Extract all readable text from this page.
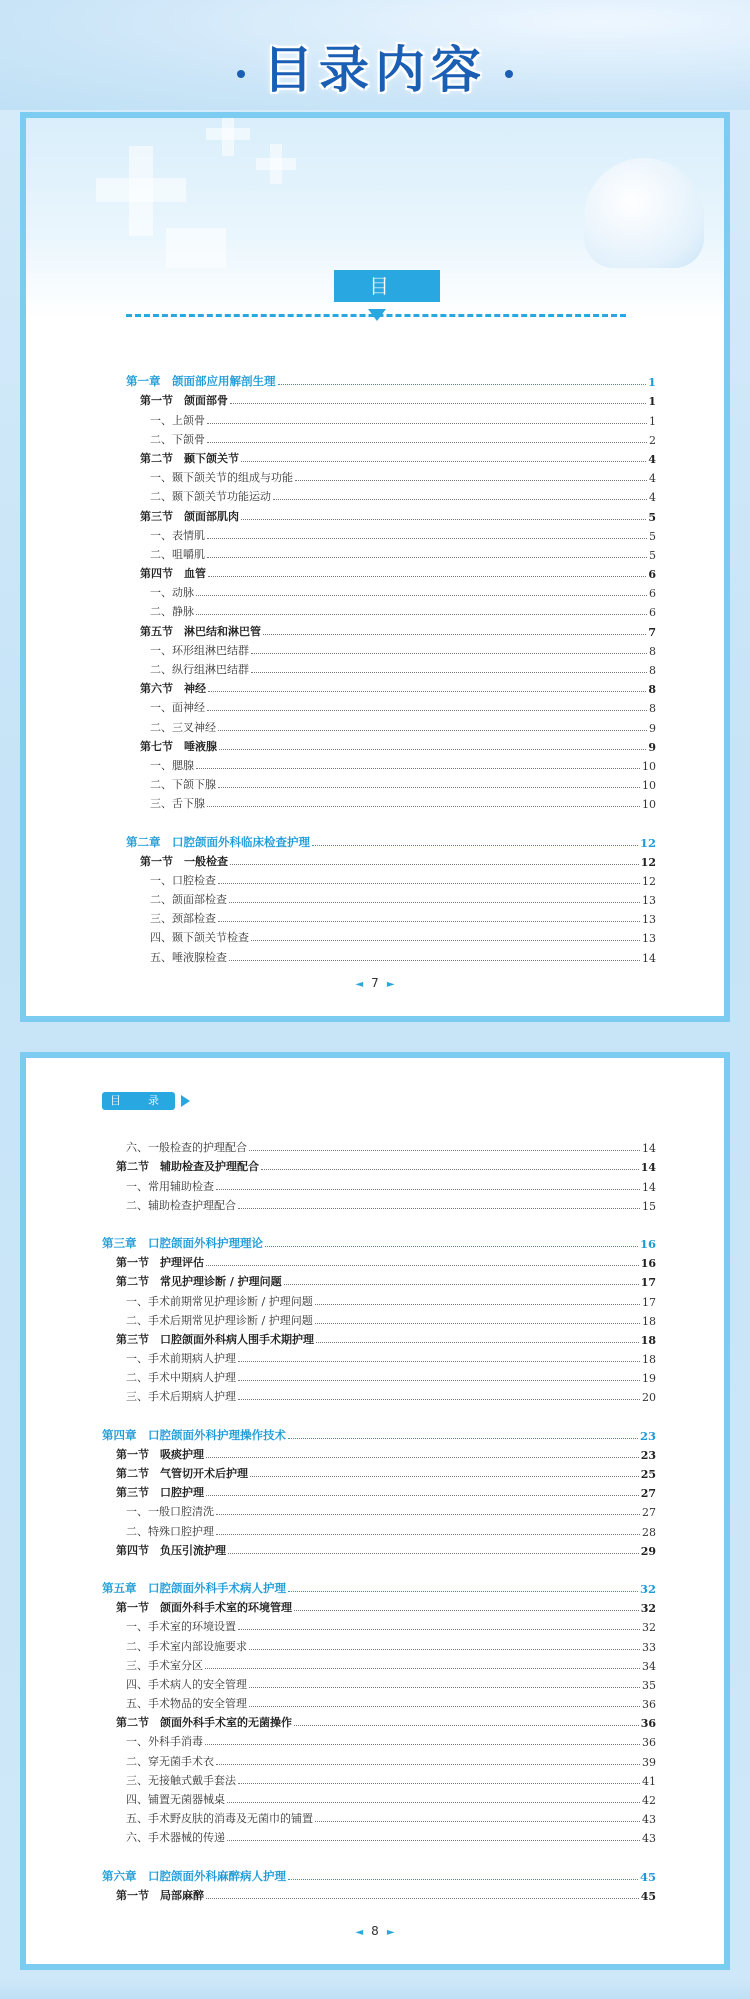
目录内容
目　录
第一章　颌面部应用解剖生理	1
第一节　颌面部骨	1
一、上颌骨	1
二、下颌骨	2
第二节　颞下颌关节	4
一、颞下颌关节的组成与功能	4
二、颞下颌关节功能运动	4
第三节　颌面部肌肉	5
一、表情肌	5
二、咀嚼肌	5
第四节　血管	6
一、动脉	6
二、静脉	6
第五节　淋巴结和淋巴管	7
一、环形组淋巴结群	8
二、纵行组淋巴结群	8
第六节　神经	8
一、面神经	8
二、三叉神经	9
第七节　唾液腺	9
一、腮腺	10
二、下颌下腺	10
三、舌下腺	10
第二章　口腔颌面外科临床检查护理	12
第一节　一般检查	12
一、口腔检查	12
二、颌面部检查	13
三、颈部检查	13
四、颞下颌关节检查	13
五、唾液腺检查	14
◄ 7 ►
目　录
六、一般检查的护理配合	14
第二节　辅助检查及护理配合	14
一、常用辅助检查	14
二、辅助检查护理配合	15
第三章　口腔颌面外科护理理论	16
第一节　护理评估	16
第二节　常见护理诊断 / 护理问题	17
一、手术前期常见护理诊断 / 护理问题	17
二、手术后期常见护理诊断 / 护理问题	18
第三节　口腔颌面外科病人围手术期护理	18
一、手术前期病人护理	18
二、手术中期病人护理	19
三、手术后期病人护理	20
第四章　口腔颌面外科护理操作技术	23
第一节　吸痰护理	23
第二节　气管切开术后护理	25
第三节　口腔护理	27
一、一般口腔清洗	27
二、特殊口腔护理	28
第四节　负压引流护理	29
第五章　口腔颌面外科手术病人护理	32
第一节　颌面外科手术室的环境管理	32
一、手术室的环境设置	32
二、手术室内部设施要求	33
三、手术室分区	34
四、手术病人的安全管理	35
五、手术物品的安全管理	36
第二节　颌面外科手术室的无菌操作	36
一、外科手消毒	36
二、穿无菌手术衣	39
三、无接触式戴手套法	41
四、铺置无菌器械桌	42
五、手术野皮肤的消毒及无菌巾的铺置	43
六、手术器械的传递	43
第六章　口腔颌面外科麻醉病人护理	45
第一节　局部麻醉	45
◄ 8 ►
